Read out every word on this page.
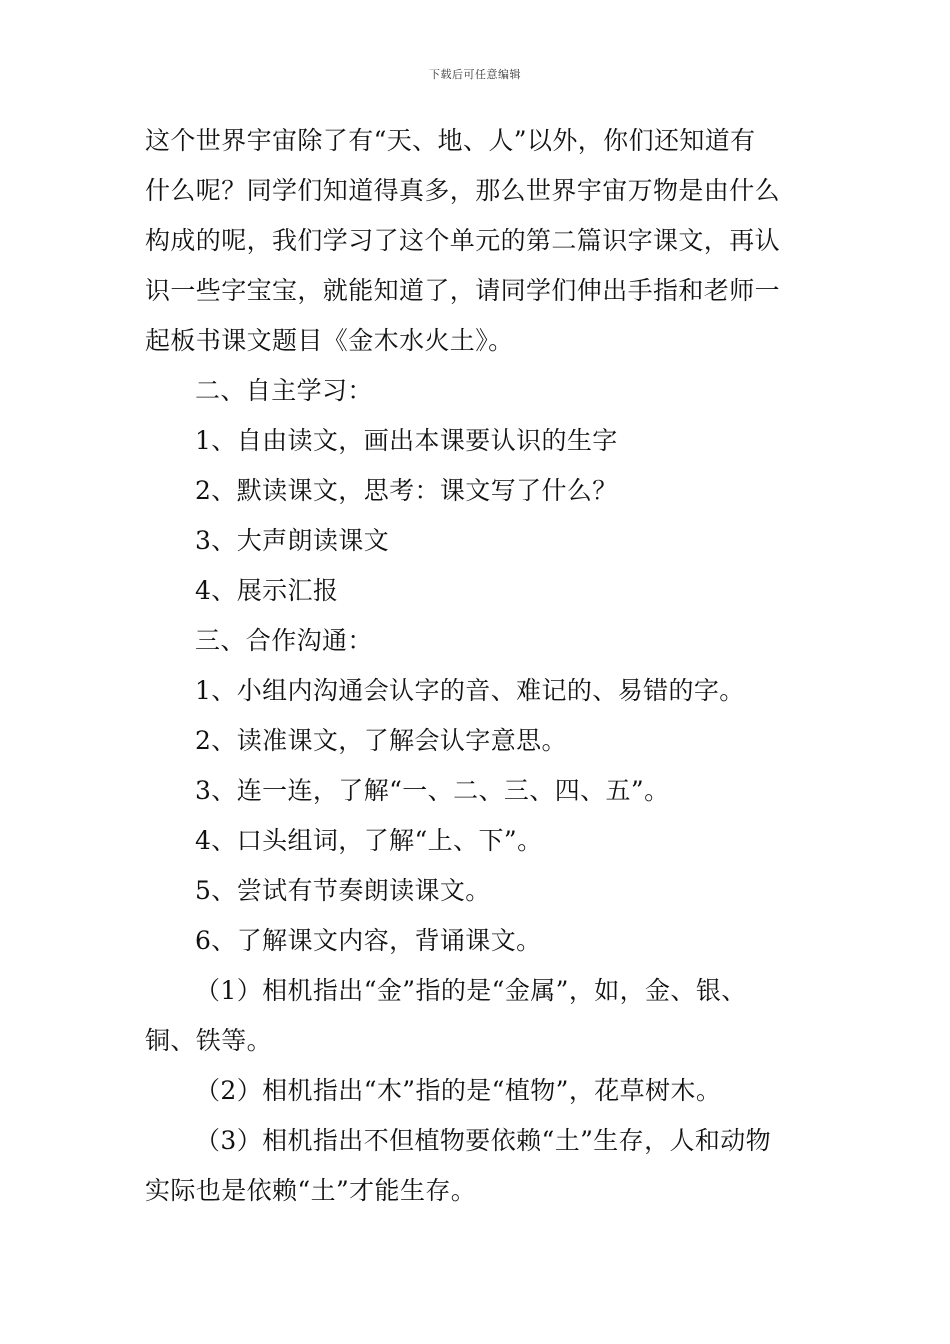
下载后可任意编辑
这个世界宇宙除了有“天、地、人”以外，你们还知道有
什么呢？同学们知道得真多，那么世界宇宙万物是由什么
构成的呢，我们学习了这个单元的第二篇识字课文，再认
识一些字宝宝，就能知道了，请同学们伸出手指和老师一
起板书课文题目《金木水火土》。
二、自主学习：
1、自由读文，画出本课要认识的生字
2、默读课文，思考：课文写了什么？
3、大声朗读课文
4、展示汇报
三、合作沟通：
1、小组内沟通会认字的音、难记的、易错的字。
2、读准课文，了解会认字意思。
3、连一连，了解“一、二、三、四、五”。
4、口头组词，了解“上、下”。
5、尝试有节奏朗读课文。
6、了解课文内容，背诵课文。
（1）相机指出“金”指的是“金属”，如，金、银、
铜、铁等。
（2）相机指出“木”指的是“植物”，花草树木。
（3）相机指出不但植物要依赖“土”生存，人和动物
实际也是依赖“土”才能生存。
